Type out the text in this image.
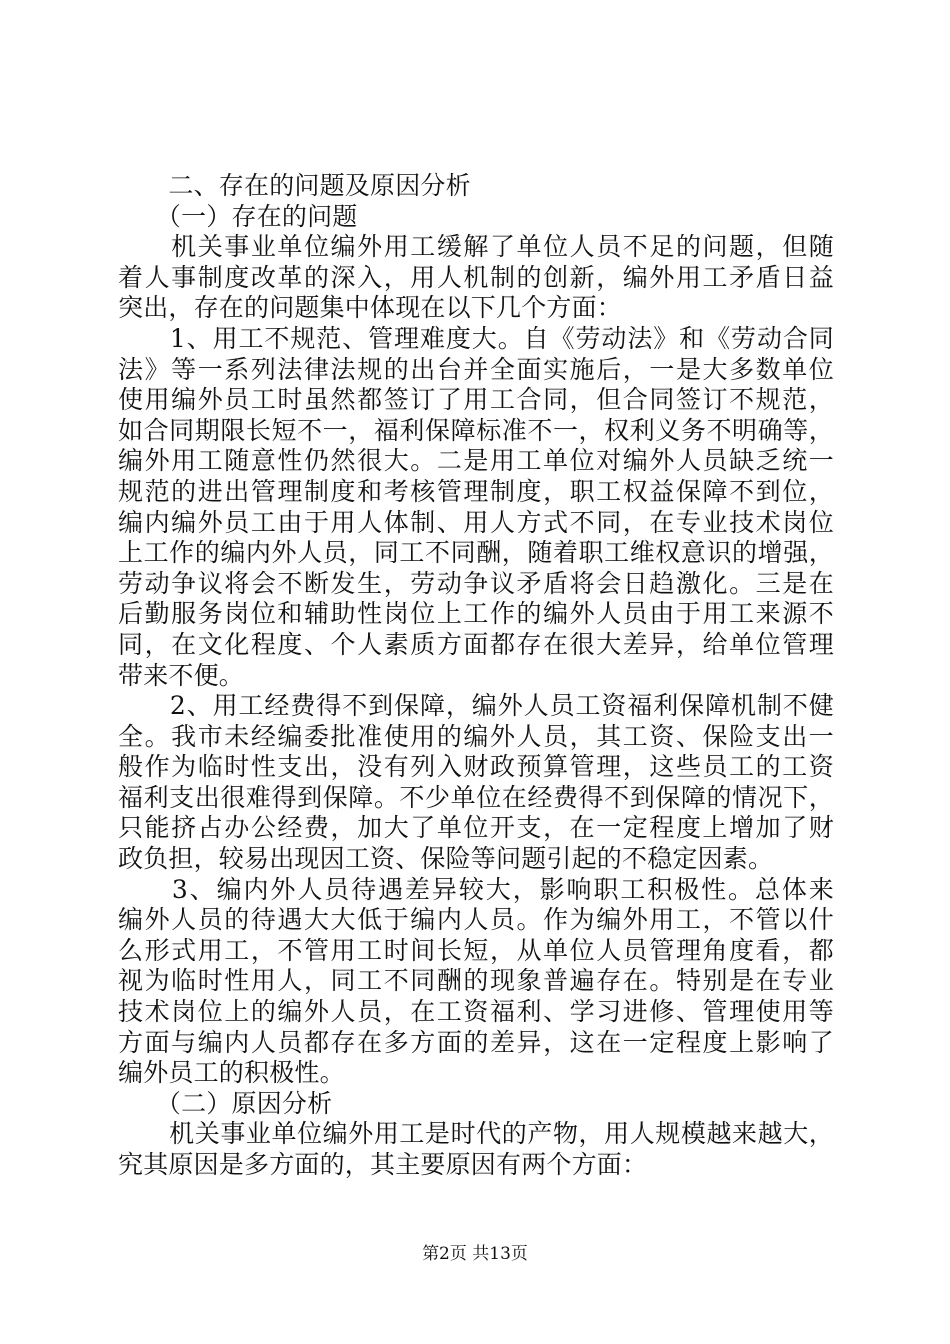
　　二、存在的问题及原因分析
　　（一）存在的问题
　　机关事业单位编外用工缓解了单位人员不足的问题，但随
着人事制度改革的深入，用人机制的创新，编外用工矛盾日益
突出，存在的问题集中体现在以下几个方面：
　　1、用工不规范、管理难度大。自《劳动法》和《劳动合同
法》等一系列法律法规的出台并全面实施后，一是大多数单位
使用编外员工时虽然都签订了用工合同，但合同签订不规范，
如合同期限长短不一，福利保障标准不一，权利义务不明确等，
编外用工随意性仍然很大。二是用工单位对编外人员缺乏统一
规范的进出管理制度和考核管理制度，职工权益保障不到位，
编内编外员工由于用人体制、用人方式不同，在专业技术岗位
上工作的编内外人员，同工不同酬，随着职工维权意识的增强，
劳动争议将会不断发生，劳动争议矛盾将会日趋激化。三是在
后勤服务岗位和辅助性岗位上工作的编外人员由于用工来源不
同，在文化程度、个人素质方面都存在很大差异，给单位管理
带来不便。
　　2、用工经费得不到保障，编外人员工资福利保障机制不健
全。我市未经编委批准使用的编外人员，其工资、保险支出一
般作为临时性支出，没有列入财政预算管理，这些员工的工资
福利支出很难得到保障。不少单位在经费得不到保障的情况下，
只能挤占办公经费，加大了单位开支，在一定程度上增加了财
政负担，较易出现因工资、保险等问题引起的不稳定因素。
　　3、编内外人员待遇差异较大，影响职工积极性。总体来
编外人员的待遇大大低于编内人员。作为编外用工，不管以什
么形式用工，不管用工时间长短，从单位人员管理角度看，都
视为临时性用人，同工不同酬的现象普遍存在。特别是在专业
技术岗位上的编外人员，在工资福利、学习进修、管理使用等
方面与编内人员都存在多方面的差异，这在一定程度上影响了
编外员工的积极性。
　　（二）原因分析
　　机关事业单位编外用工是时代的产物，用人规模越来越大，
究其原因是多方面的，其主要原因有两个方面：
第2页 共13页
